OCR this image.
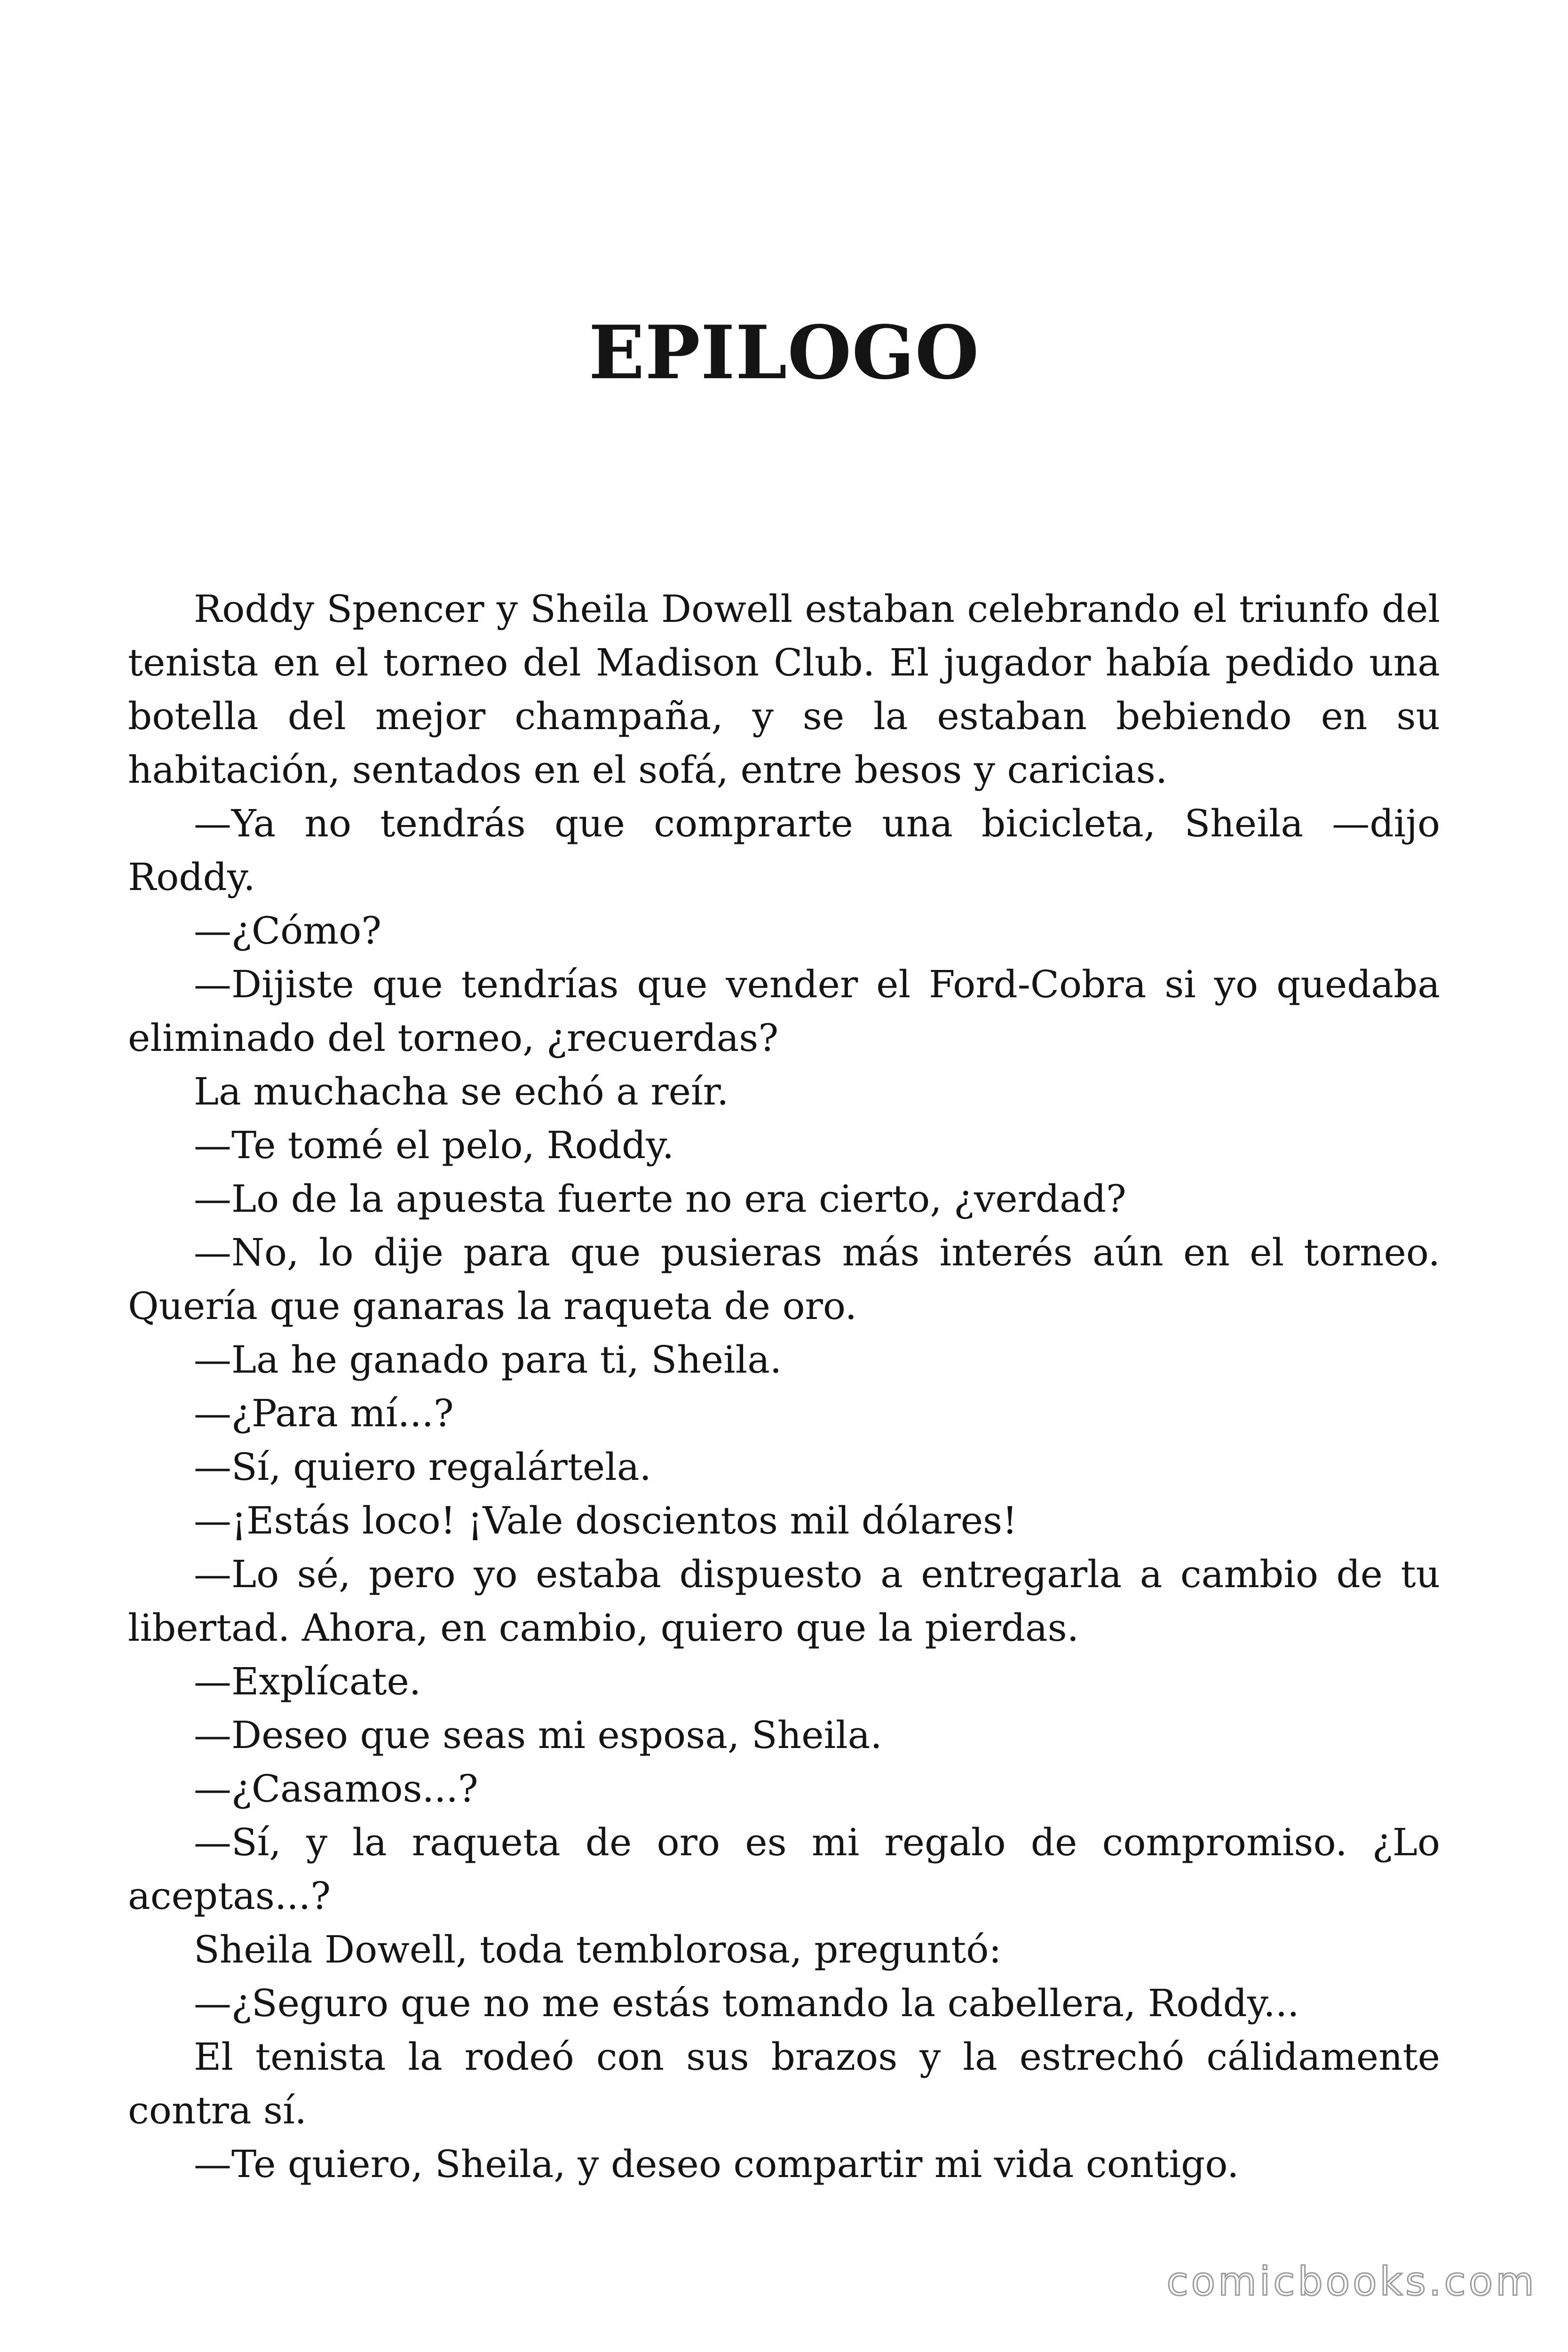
EPILOGO

Roddy Spencer y Sheila Dowell estaban celebrando el triunfo del tenista en el torneo del Madison Club. El jugador había pedido una botella del mejor champaña, y se la estaban bebiendo en su habitación, sentados en el sofá, entre besos y caricias.

—Ya no tendrás que comprarte una bicicleta, Sheila —dijo Roddy.

—¿Cómo?

—Dijiste que tendrías que vender el Ford-Cobra si yo quedaba eliminado del torneo, ¿recuerdas?

La muchacha se echó a reír.

—Te tomé el pelo, Roddy.

—Lo de la apuesta fuerte no era cierto, ¿verdad?

—No, lo dije para que pusieras más interés aún en el torneo. Quería que ganaras la raqueta de oro.

—La he ganado para ti, Sheila.

—¿Para mí...?

—Sí, quiero regalártela.

—¡Estás loco! ¡Vale doscientos mil dólares!

—Lo sé, pero yo estaba dispuesto a entregarla a cambio de tu libertad. Ahora, en cambio, quiero que la pierdas.

—Explícate.

—Deseo que seas mi esposa, Sheila.

—¿Casamos...?

—Sí, y la raqueta de oro es mi regalo de compromiso. ¿Lo aceptas...?

Sheila Dowell, toda temblorosa, preguntó:

—¿Seguro que no me estás tomando la cabellera, Roddy...

El tenista la rodeó con sus brazos y la estrechó cálidamente contra sí.

—Te quiero, Sheila, y deseo compartir mi vida contigo.

comicbooks.com
